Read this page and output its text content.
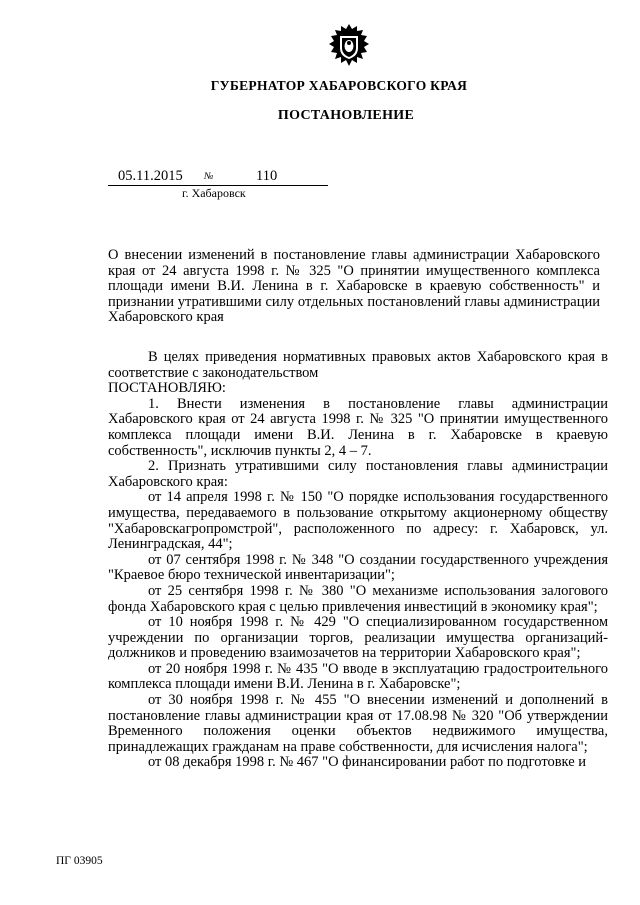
ГУБЕРНАТОР ХАБАРОВСКОГО КРАЯ
ПОСТАНОВЛЕНИЕ
05.11.2015 №	110
г. Хабаровск
О внесении изменений в постановление главы администрации Хабаровского края от 24 августа 1998 г. № 325 "О принятии имущественного комплекса площади имени В.И. Ленина в г. Хабаровске в краевую собственность" и признании утратившими силу отдельных постановлений главы администрации Хабаровского края

В целях приведения нормативных правовых актов Хабаровского края в соответствие с законодательством

ПОСТАНОВЛЯЮ:

1. Внести изменения в постановление главы администрации Хабаровского края от 24 августа 1998 г. № 325 "О принятии имущественного комплекса площади имени В.И. Ленина в г. Хабаровске в краевую собственность", исключив пункты 2, 4 – 7.

2. Признать утратившими силу постановления главы администрации Хабаровского края:

от 14 апреля 1998 г. № 150 "О порядке использования государственного имущества, передаваемого в пользование открытому акционерному обществу "Хабаровскагропромстрой", расположенного по адресу: г. Хабаровск, ул. Ленинградская, 44";

от 07 сентября 1998 г. № 348 "О создании государственного учреждения "Краевое бюро технической инвентаризации";

от 25 сентября 1998 г. № 380 "О механизме использования залогового фонда Хабаровского края с целью привлечения инвестиций в экономику края";

от 10 ноября 1998 г. № 429 "О специализированном государственном учреждении по организации торгов, реализации имущества организаций-должников и проведению взаимозачетов на территории Хабаровского края";

от 20 ноября 1998 г. № 435 "О вводе в эксплуатацию градостроительного комплекса площади имени В.И. Ленина в г. Хабаровске";

от 30 ноября 1998 г. № 455 "О внесении изменений и дополнений в постановление главы администрации края от 17.08.98 № 320 "Об утверждении Временного положения оценки объектов недвижимого имущества, принадлежащих гражданам на праве собственности, для исчисления налога";

от 08 декабря 1998 г. № 467 "О финансировании работ по подготовке и

ПГ 03905
